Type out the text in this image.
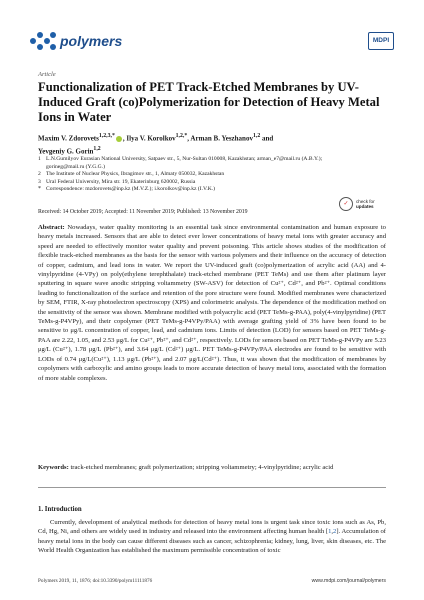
polymers	MDPI
Article
Functionalization of PET Track-Etched Membranes by UV-Induced Graft (co)Polymerization for Detection of Heavy Metal Ions in Water
Maxim V. Zdorovets$^{1,2,3,*}$ , Ilya V. Korolkov$^{1,2,*}$, Arman B. Yeszhanov$^{1,2}$ and
Yevgeniy G. Gorin$^{1,2}$
1 L.N.Gumilyov Eurasian National University, Satpaev str., 5, Nur-Sultan 010008, Kazakhstan; arman_e7@mail.ru (A.B.Y.); gorineg@mail.ru (Y.G.G.)
2 The Institute of Nuclear Physics, Ibragimov str., 1, Almaty 050032, Kazakhstan
3 Ural Federal University, Mira str. 19, Ekaterinburg 620002, Russia
* Correspondence: mzdorovets@inp.kz (M.V.Z.); i.korolkov@inp.kz (I.V.K.)
✓	check for
updates
Received: 14 October 2019; Accepted: 11 November 2019; Published: 13 November 2019

Abstract: Nowadays, water quality monitoring is an essential task since environmental contamination and human exposure to heavy metals increased. Sensors that are able to detect ever lower concentrations of heavy metal ions with greater accuracy and speed are needed to effectively monitor water quality and prevent poisoning. This article shows studies of the modification of flexible track-etched membranes as the basis for the sensor with various polymers and their influence on the accuracy of detection of copper, cadmium, and lead ions in water. We report the UV-induced graft (co)polymerization of acrylic acid (AA) and 4-vinylpyridine (4-VPy) on poly(ethylene terephthalate) track-etched membrane (PET TeMs) and use them after platinum layer sputtering in square wave anodic stripping voltammetry (SW-ASV) for detection of Cu²⁺, Cd²⁺, and Pb²⁺. Optimal conditions leading to functionalization of the surface and retention of the pore structure were found. Modified membranes were characterized by SEM, FTIR, X-ray photoelectron spectroscopy (XPS) and colorimetric analysis. The dependence of the modification method on the sensitivity of the sensor was shown. Membrane modified with polyacrylic acid (PET TeMs-g-PAA), poly(4-vinylpyridine) (PET TeMs-g-P4VPy), and their copolymer (PET TeMs-g-P4VPy/PAA) with average grafting yield of 3% have been found to be sensitive to μg/L concentration of copper, lead, and cadmium ions. Limits of detection (LOD) for sensors based on PET TeMs-g-PAA are 2.22, 1.05, and 2.53 μg/L for Cu²⁺, Pb²⁺, and Cd²⁺, respectively. LODs for sensors based on PET TeMs-g-P4VPy are 5.23 μg/L (Cu²⁺), 1.78 μg/L (Pb²⁺), and 3.64 μg/L (Cd²⁺) μg/L. PET TeMs-g-P4VPy/PAA electrodes are found to be sensitive with LODs of 0.74 μg/L(Cu²⁺), 1.13 μg/L (Pb²⁺), and 2.07 μg/L(Cd²⁺). Thus, it was shown that the modification of membranes by copolymers with carboxylic and amino groups leads to more accurate detection of heavy metal ions, associated with the formation of more stable complexes.

Keywords: track-etched membranes; graft polymerization; stripping voltammetry; 4-vinylpyridine; acrylic acid

1. Introduction

Currently, development of analytical methods for detection of heavy metal ions is urgent task since toxic ions such as As, Pb, Cd, Hg, Ni, and others are widely used in industry and released into the environment affecting human health [1,2]. Accumulation of heavy metal ions in the body can cause different diseases such as cancer, schizophrenia; kidney, lung, liver, skin diseases, etc. The World Health Organization has established the maximum permissible concentration of toxic

Polymers 2019, 11, 1876; doi:10.3390/polym11111876	www.mdpi.com/journal/polymers
